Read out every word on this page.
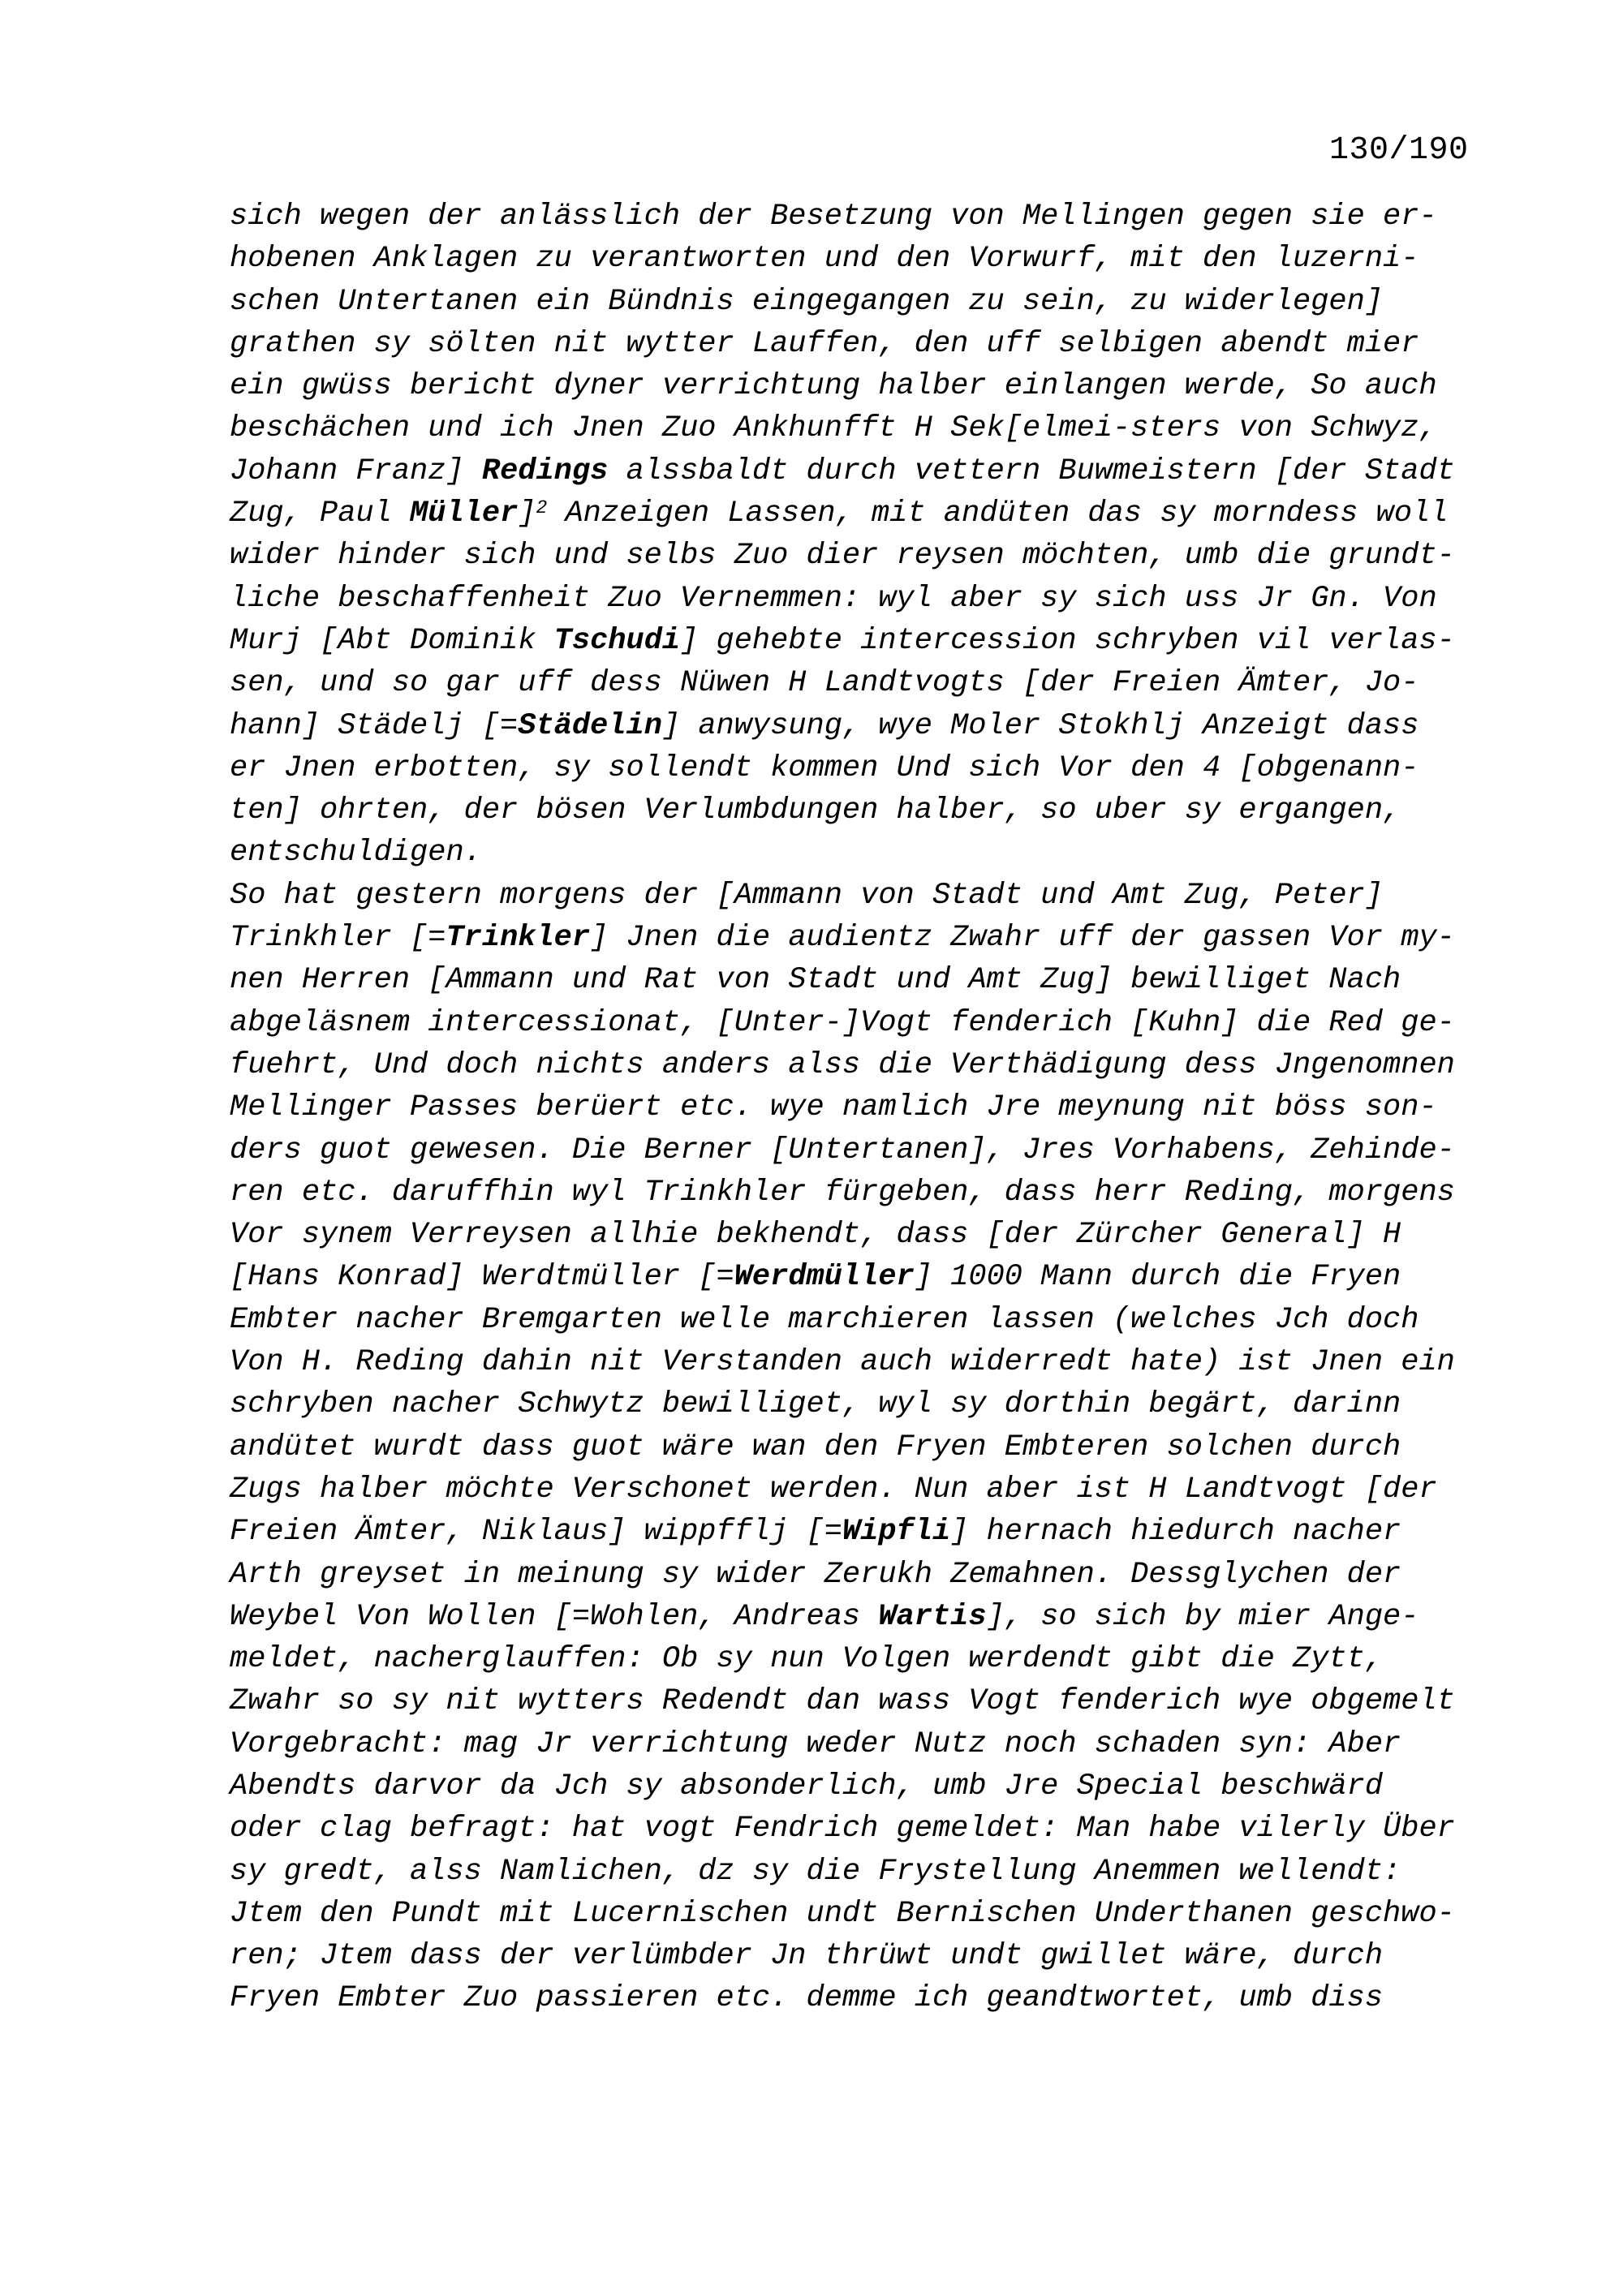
130/190
sich wegen der anlässlich der Besetzung von Mellingen gegen sie er-
hobenen Anklagen zu verantworten und den Vorwurf, mit den luzerni-
schen Untertanen ein Bündnis eingegangen zu sein, zu widerlegen]
grathen sy sölten nit wytter Lauffen, den uff selbigen abendt mier
ein gwüss bericht dyner verrichtung halber einlangen werde, So auch
beschächen und ich Jnen Zuo Ankhunfft H Sek[elmei-sters von Schwyz,
Johann Franz] Redings alssbaldt durch vettern Buwmeistern [der Stadt
Zug, Paul Müller]$^2$ Anzeigen Lassen, mit andüten das sy morndess woll
wider hinder sich und selbs Zuo dier reysen möchten, umb die grundt-
liche beschaffenheit Zuo Vernemmen: wyl aber sy sich uss Jr Gn. Von
Murj [Abt Dominik Tschudi] gehebte intercession schryben vil verlas-
sen, und so gar uff dess Nüwen H Landtvogts [der Freien Ämter, Jo-
hann] Städelj [=Städelin] anwysung, wye Moler Stokhlj Anzeigt dass
er Jnen erbotten, sy sollendt kommen Und sich Vor den 4 [obgenann-
ten] ohrten, der bösen Verlumbdungen halber, so uber sy ergangen,
entschuldigen.
So hat gestern morgens der [Ammann von Stadt und Amt Zug, Peter]
Trinkhler [=Trinkler] Jnen die audientz Zwahr uff der gassen Vor my-
nen Herren [Ammann und Rat von Stadt und Amt Zug] bewilliget Nach
abgeläsnem intercessionat, [Unter-]Vogt fenderich [Kuhn] die Red ge-
fuehrt, Und doch nichts anders alss die Verthädigung dess Jngenomnen
Mellinger Passes berüert etc. wye namlich Jre meynung nit böss son-
ders guot gewesen. Die Berner [Untertanen], Jres Vorhabens, Zehinde-
ren etc. daruffhin wyl Trinkhler fürgeben, dass herr Reding, morgens
Vor synem Verreysen allhie bekhendt, dass [der Zürcher General] H
[Hans Konrad] Werdtmüller [=Werdmüller] 1000 Mann durch die Fryen
Embter nacher Bremgarten welle marchieren lassen (welches Jch doch
Von H. Reding dahin nit Verstanden auch widerredt hate) ist Jnen ein
schryben nacher Schwytz bewilliget, wyl sy dorthin begärt, darinn
andütet wurdt dass guot wäre wan den Fryen Embteren solchen durch
Zugs halber möchte Verschonet werden. Nun aber ist H Landtvogt [der
Freien Ämter, Niklaus] wippfflj [=Wipfli] hernach hiedurch nacher
Arth greyset in meinung sy wider Zerukh Zemahnen. Dessglychen der
Weybel Von Wollen [=Wohlen, Andreas Wartis], so sich by mier Ange-
meldet, nacherglauffen: Ob sy nun Volgen werdendt gibt die Zytt,
Zwahr so sy nit wytters Redendt dan wass Vogt fenderich wye obgemelt
Vorgebracht: mag Jr verrichtung weder Nutz noch schaden syn: Aber
Abendts darvor da Jch sy absonderlich, umb Jre Special beschwärd
oder clag befragt: hat vogt Fendrich gemeldet: Man habe vilerly Über
sy gredt, alss Namlichen, dz sy die Frystellung Anemmen wellendt:
Jtem den Pundt mit Lucernischen undt Bernischen Underthanen geschwo-
ren; Jtem dass der verlümbder Jn thrüwt undt gwillet wäre, durch
Fryen Embter Zuo passieren etc. demme ich geandtwortet, umb diss
